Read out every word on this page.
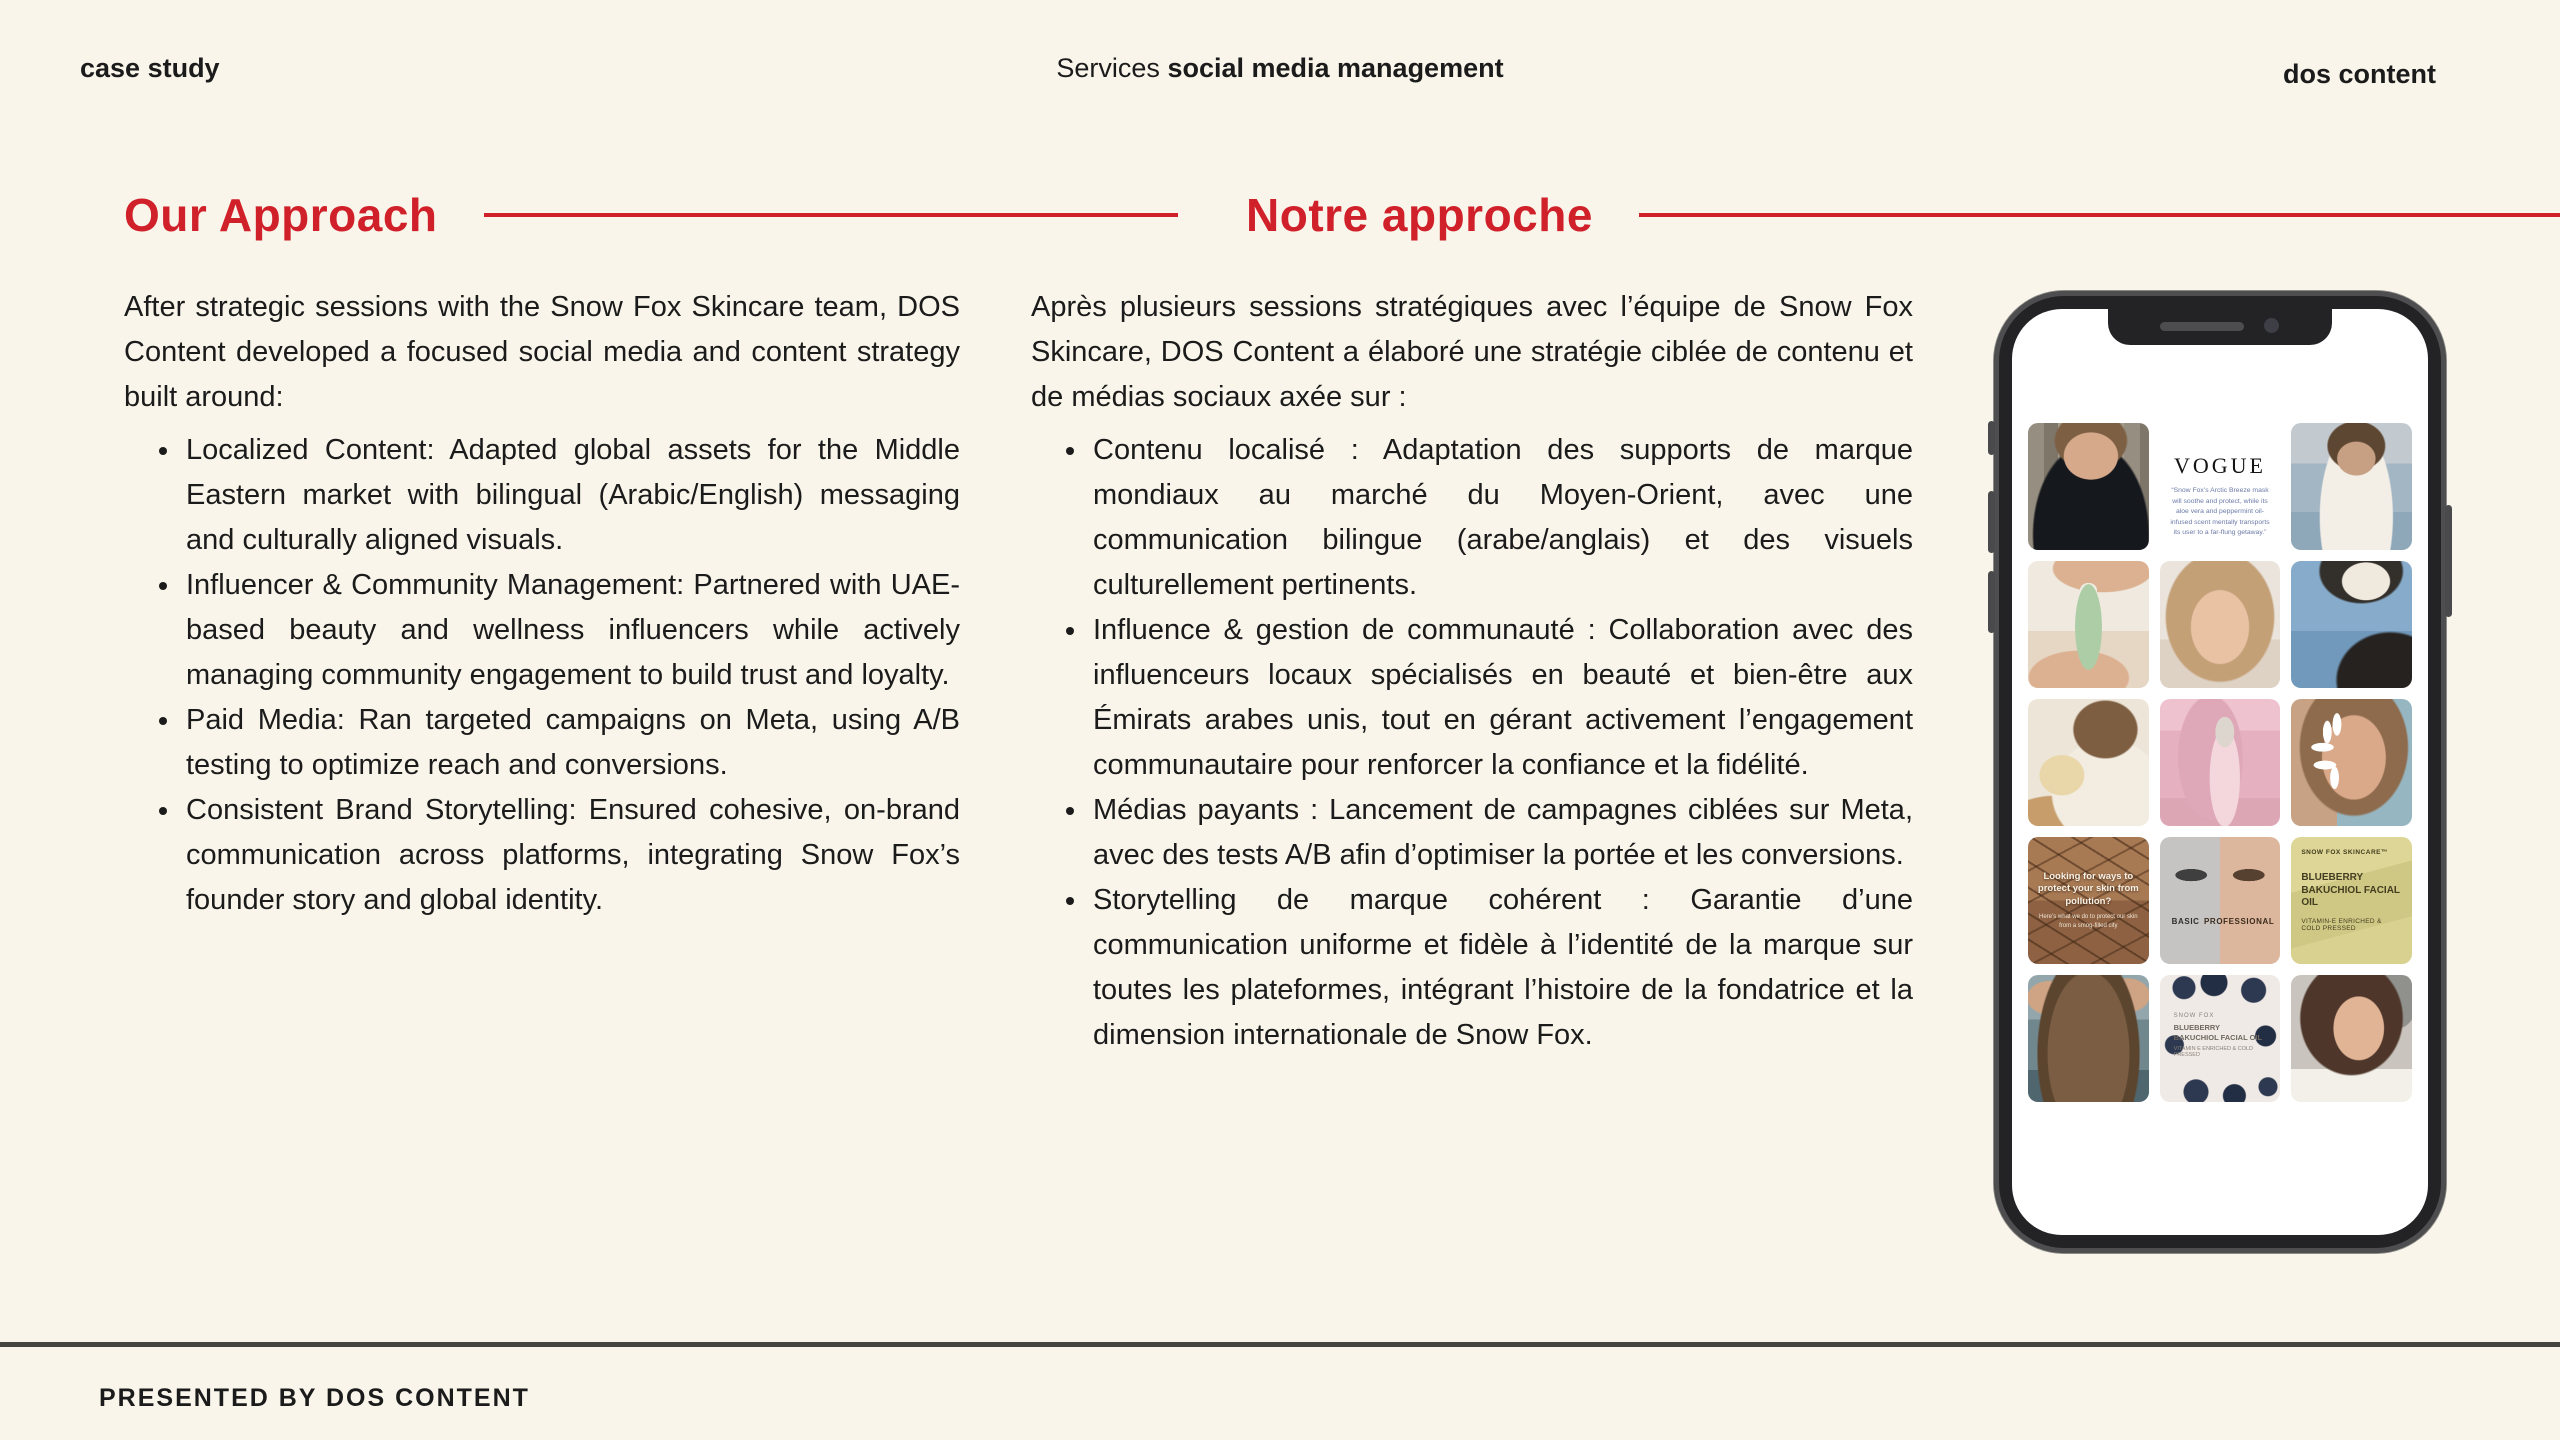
case study	Services social media management	dos content
Our Approach	Notre approche

After strategic sessions with the Snow Fox Skincare team, DOS Content developed a focused social media and content strategy built around:

• Localized Content: Adapted global assets for the Middle Eastern market with bilingual (Arabic/English) messaging and culturally aligned visuals.
• Influencer & Community Management: Partnered with UAE-based beauty and wellness influencers while actively managing community engagement to build trust and loyalty.
• Paid Media: Ran targeted campaigns on Meta, using A/B testing to optimize reach and conversions.
• Consistent Brand Storytelling: Ensured cohesive, on-brand communication across platforms, integrating Snow Fox’s founder story and global identity.

Après plusieurs sessions stratégiques avec l’équipe de Snow Fox Skincare, DOS Content a élaboré une stratégie ciblée de contenu et de médias sociaux axée sur :

• Contenu localisé : Adaptation des supports de marque mondiaux au marché du Moyen-Orient, avec une communication bilingue (arabe/anglais) et des visuels culturellement pertinents.
• Influence & gestion de communauté : Collaboration avec des influenceurs locaux spécialisés en beauté et bien-être aux Émirats arabes unis, tout en gérant activement l’engagement communautaire pour renforcer la confiance et la fidélité.
• Médias payants : Lancement de campagnes ciblées sur Meta, avec des tests A/B afin d’optimiser la portée et les conversions.
• Storytelling de marque cohérent : Garantie d’une communication uniforme et fidèle à l’identité de la marque sur toutes les plateformes, intégrant l’histoire de la fondatrice et la dimension internationale de Snow Fox.
VOGUE
“Snow Fox’s Arctic Breeze mask will soothe and protect, while its aloe vera and peppermint oil-infused scent mentally transports its user to a far-flung getaway.”
Looking for ways to protect your skin from pollution?
Here’s what we do to protect our skin from a smog-filled city	BASIC PROFESSIONAL
SNOW FOX SKINCARE™
BLUEBERRY BAKUCHIOL FACIAL OIL
VITAMIN-E ENRICHED & COLD PRESSED
SNOW FOX
BLUEBERRY BAKUCHIOL FACIAL OIL
VITAMIN E ENRICHED & COLD PRESSED
PRESENTED BY DOS CONTENT
